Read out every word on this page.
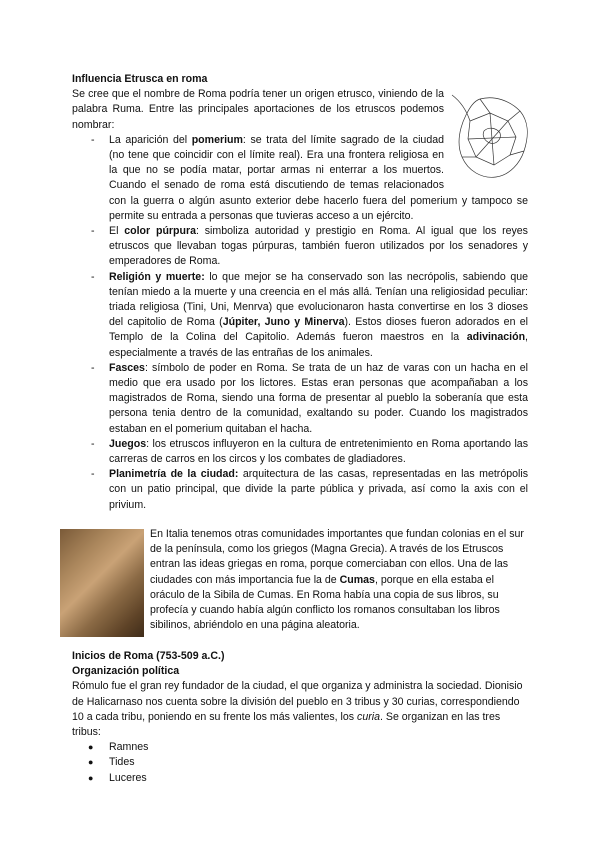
Influencia Etrusca en roma

Se cree que el nombre de Roma podría tener un origen etrusco, viniendo de la palabra Ruma. Entre las principales aportaciones de los etruscos podemos nombrar:

- La aparición del pomerium: se trata del límite sagrado de la ciudad (no tene que coincidir con el límite real). Era una frontera religiosa en la que no se podía matar, portar armas ni enterrar a los muertos. Cuando el senado de roma está discutiendo de temas relacionados con la guerra o algún asunto exterior debe hacerlo fuera del pomerium y tampoco se permite su entrada a personas que tuvieras acceso a un ejército.
- El color púrpura: simboliza autoridad y prestigio en Roma. Al igual que los reyes etruscos que llevaban togas púrpuras, también fueron utilizados por los senadores y emperadores de Roma.
- Religión y muerte: lo que mejor se ha conservado son las necrópolis, sabiendo que tenían miedo a la muerte y una creencia en el más allá. Tenían una religiosidad peculiar: triada religiosa (Tini, Uni, Menrva) que evolucionaron hasta convertirse en los 3 dioses del capitolio de Roma (Júpiter, Juno y Minerva). Estos dioses fueron adorados en el Templo de la Colina del Capitolio. Además fueron maestros en la adivinación, especialmente a través de las entrañas de los animales.
- Fasces: símbolo de poder en Roma. Se trata de un haz de varas con un hacha en el medio que era usado por los lictores. Estas eran personas que acompañaban a los magistrados de Roma, siendo una forma de presentar al pueblo la soberanía que esta persona tenia dentro de la comunidad, exaltando su poder. Cuando los magistrados estaban en el pomerium quitaban el hacha.
- Juegos: los etruscos influyeron en la cultura de entretenimiento en Roma aportando las carreras de carros en los circos y los combates de gladiadores.
- Planimetría de la ciudad: arquitectura de las casas, representadas en las metrópolis con un patio principal, que divide la parte pública y privada, así como la axis con el privium.

En Italia tenemos otras comunidades importantes que fundan colonias en el sur de la península, como los griegos (Magna Grecia). A través de los Etruscos entran las ideas griegas en roma, porque comerciaban con ellos. Una de las ciudades con más importancia fue la de Cumas, porque en ella estaba el oráculo de la Sibila de Cumas. En Roma había una copia de sus libros, su profecía y cuando había algún conflicto los romanos consultaban los libros sibilinos, abriéndolo en una página aleatoria.

Inicios de Roma (753-509 a.C.)

Organización política

Rómulo fue el gran rey fundador de la ciudad, el que organiza y administra la sociedad. Dionisio de Halicarnaso nos cuenta sobre la división del pueblo en 3 tribus y 30 curias, correspondiendo 10 a cada tribu, poniendo en su frente los más valientes, los curia. Se organizan en las tres tribus:

● Ramnes
● Tides
● Luceres
